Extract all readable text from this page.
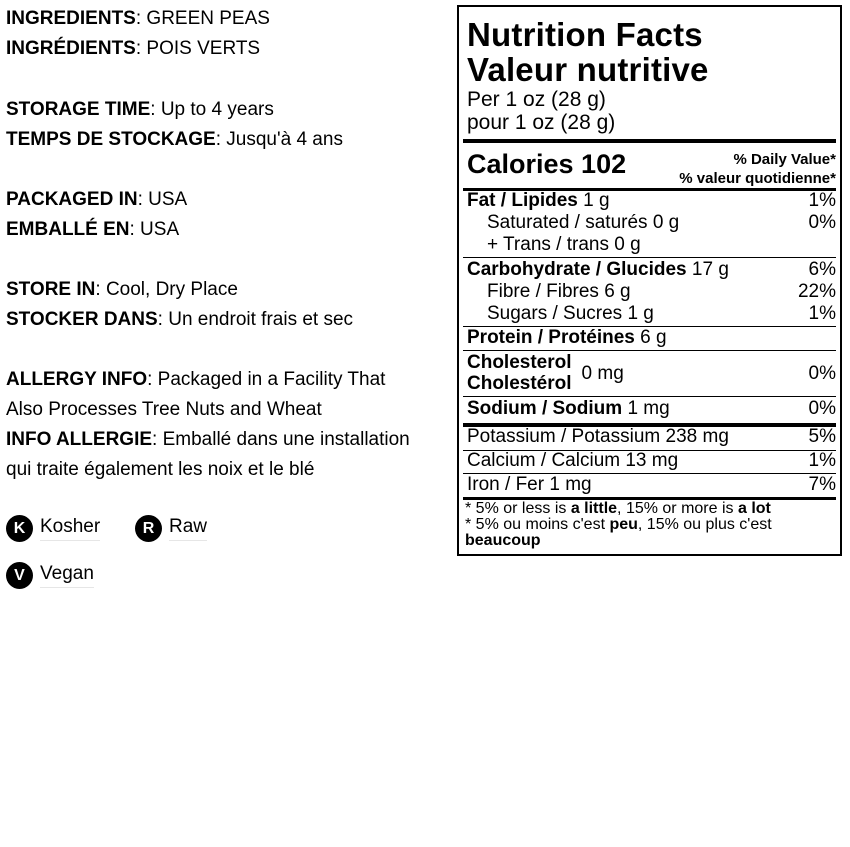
INGREDIENTS: GREEN PEAS
INGRÉDIENTS: POIS VERTS
STORAGE TIME: Up to 4 years
TEMPS DE STOCKAGE: Jusqu'à 4 ans
PACKAGED IN: USA
EMBALLÉ EN: USA
STORE IN: Cool, Dry Place
STOCKER DANS: Un endroit frais et sec
ALLERGY INFO: Packaged in a Facility That
Also Processes Tree Nuts and Wheat
INFO ALLERGIE: Emballé dans une installation
qui traite également les noix et le blé
K Kosher	R Raw
V Vegan
Nutrition Facts
Valeur nutritive
Per 1 oz (28 g)
pour 1 oz (28 g)
Calories 102	% Daily Value*
% valeur quotidienne*
Fat / Lipides 1 g	1%
Saturated / saturés 0 g	0%
+ Trans / trans 0 g
Carbohydrate / Glucides 17 g	6%
Fibre / Fibres 6 g	22%
Sugars / Sucres 1 g	1%
Protein / Protéines 6 g
Cholesterol
Cholestérol 0 mg	0%
Sodium / Sodium 1 mg	0%
Potassium / Potassium 238 mg	5%
Calcium / Calcium 13 mg	1%
Iron / Fer 1 mg	7%
* 5% or less is a little, 15% or more is a lot
* 5% ou moins c'est peu, 15% ou plus c'est
beaucoup
